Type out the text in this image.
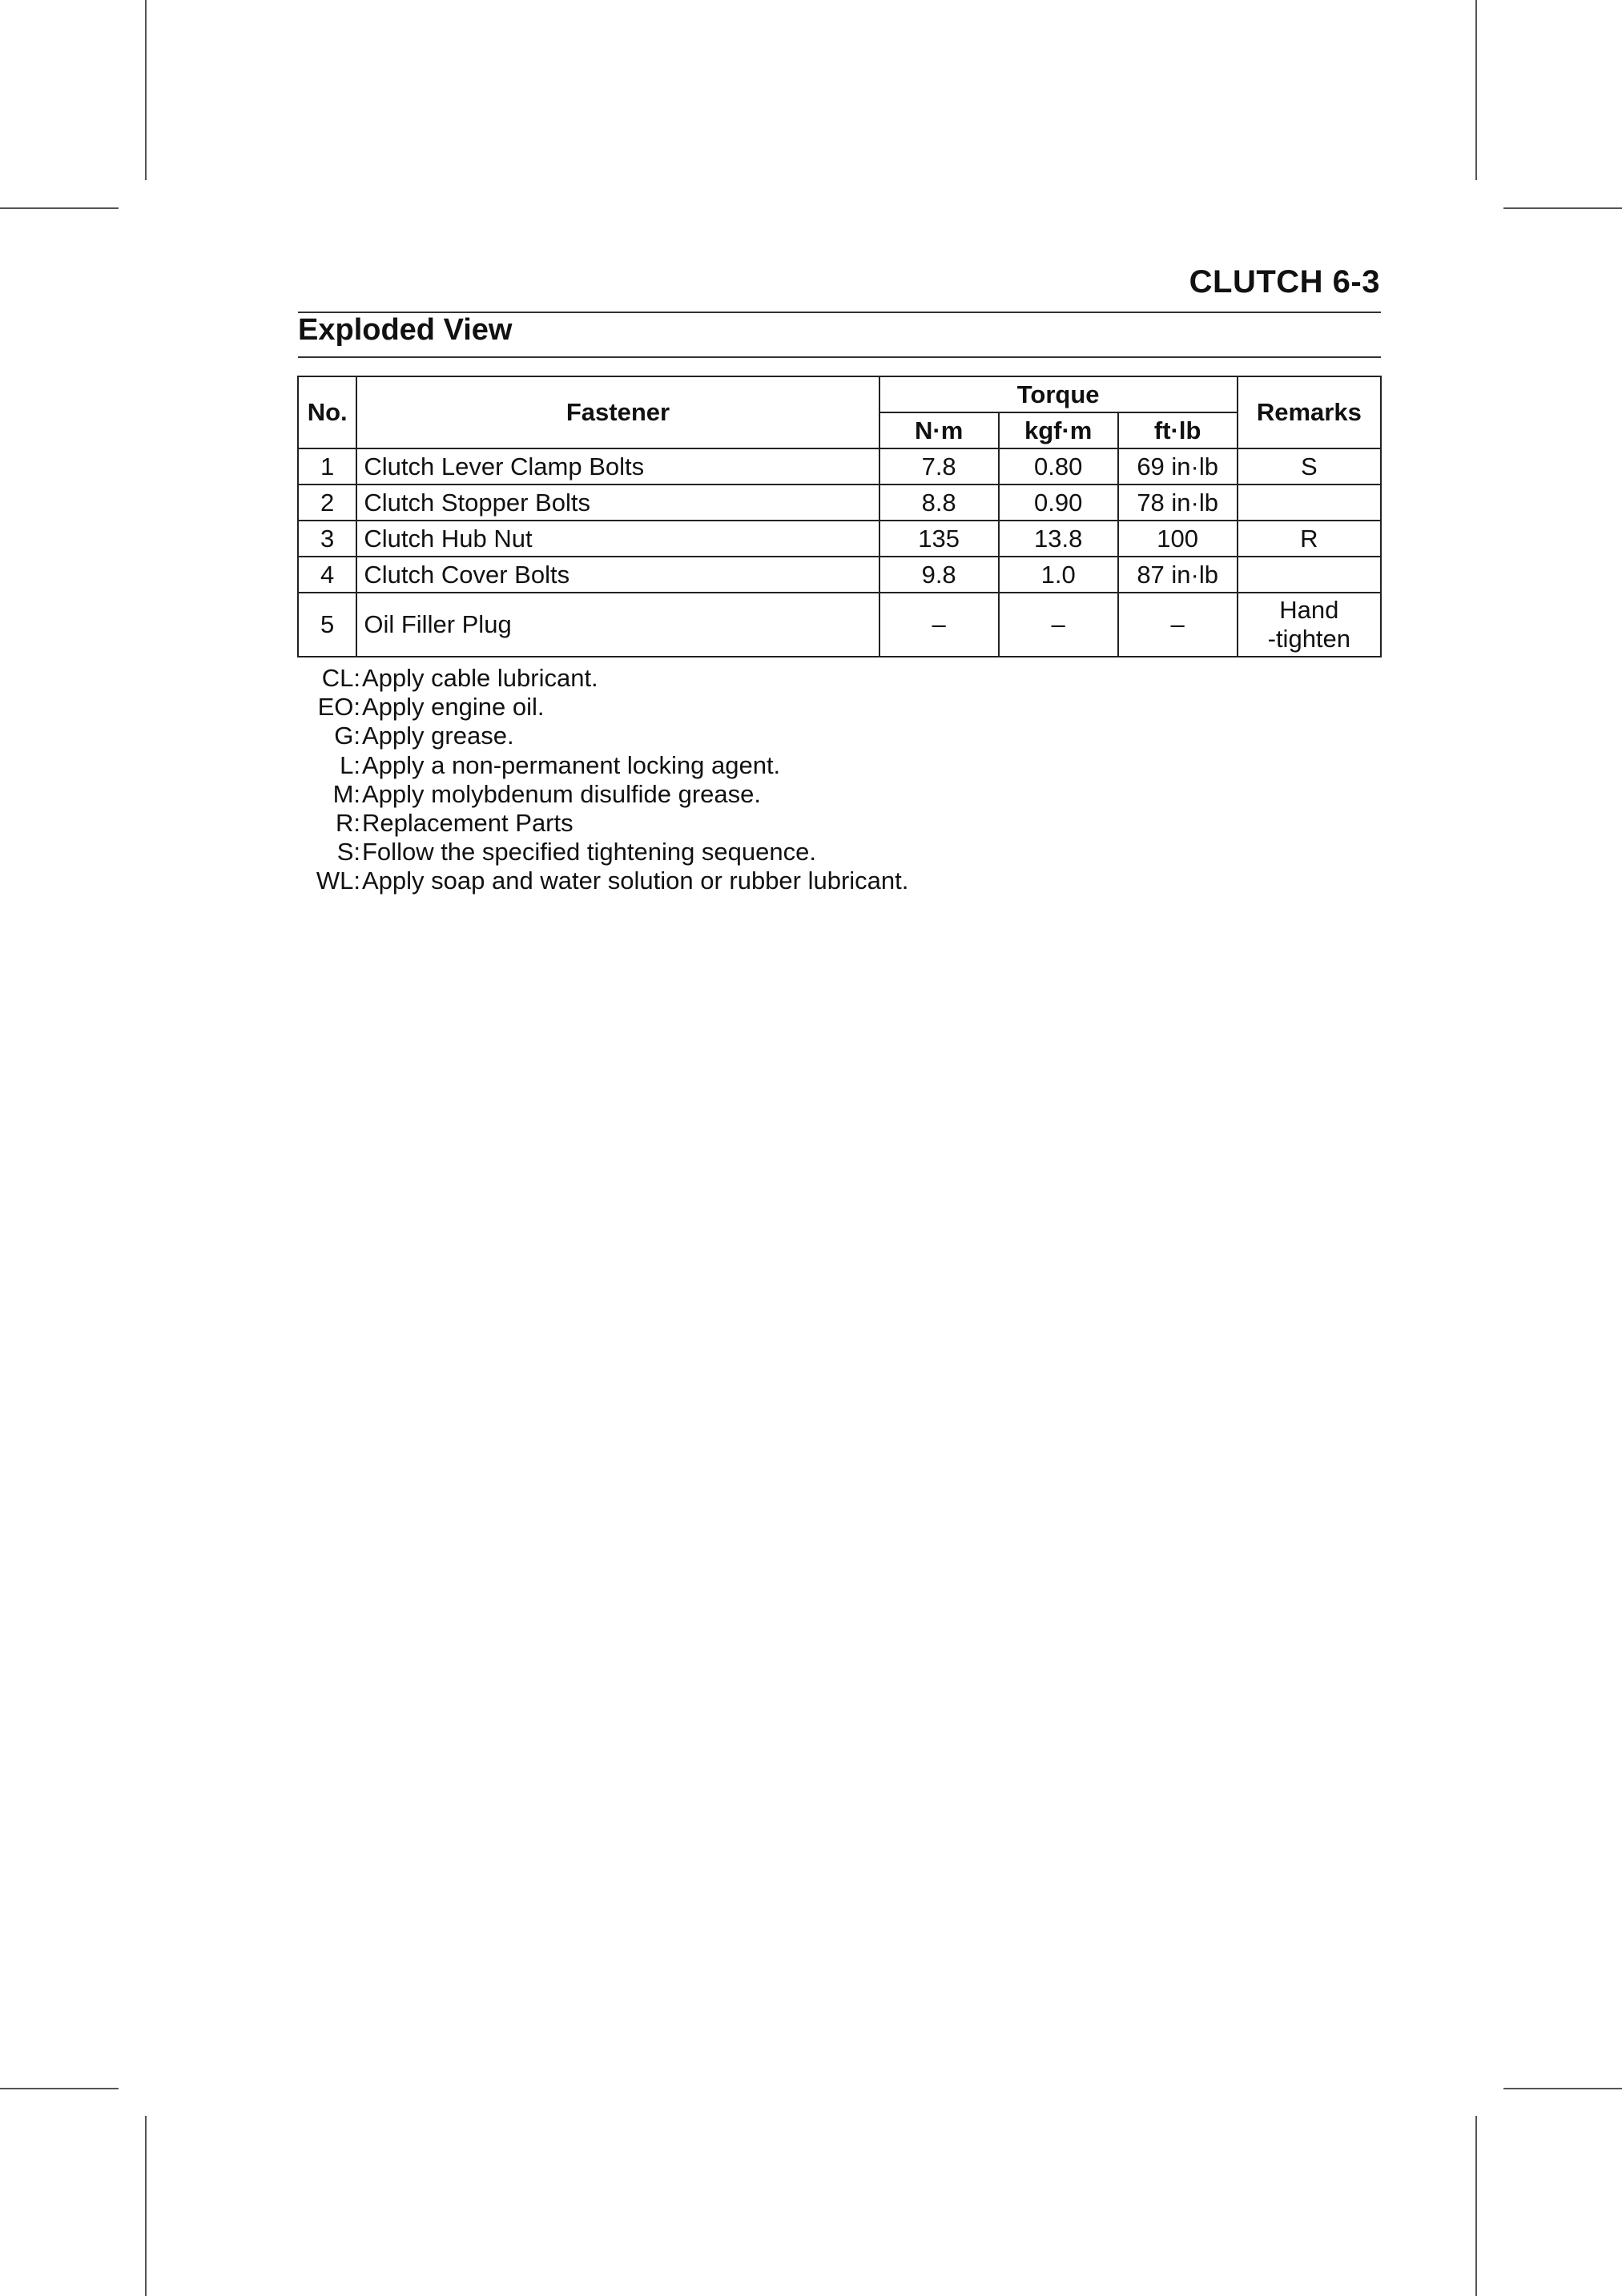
CLUTCH 6-3
Exploded View
No.	Fastener	Torque			Remarks
		N·m	kgf·m	ft·lb	
1	Clutch Lever Clamp Bolts	7.8	0.80	69 in·lb	S
2	Clutch Stopper Bolts	8.8	0.90	78 in·lb	
3	Clutch Hub Nut	135	13.8	100	R
4	Clutch Cover Bolts	9.8	1.0	87 in·lb	
5	Oil Filler Plug	–	–	–	Hand
-tighten
CL: Apply cable lubricant.
EO: Apply engine oil.
G: Apply grease.
L: Apply a non-permanent locking agent.
M: Apply molybdenum disulfide grease.
R: Replacement Parts
S: Follow the specified tightening sequence.
WL: Apply soap and water solution or rubber lubricant.
